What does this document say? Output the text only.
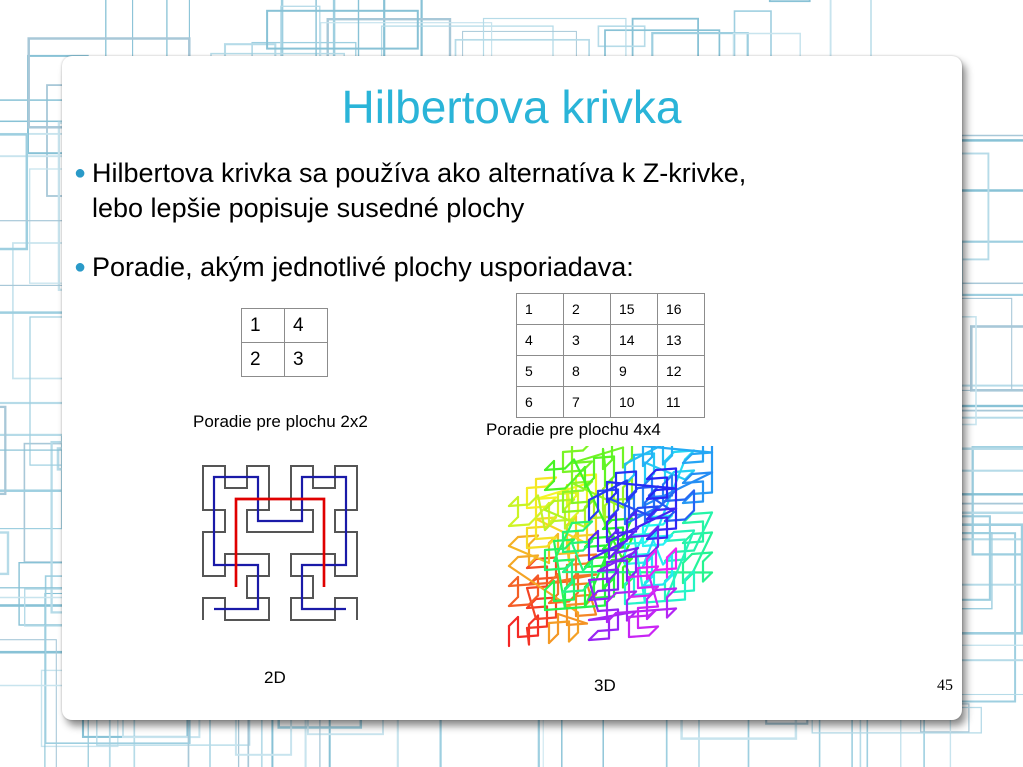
Hilbertova krivka
● Hilbertova krivka sa používa ako alternatíva k Z-krivke,
lebo lepšie popisuje susedné plochy
● Poradie, akým jednotlivé plochy usporiadava:
1	4
2	3
1	2	15	16
4	3	14	13
5	8	9	12
6	7	10	11
Poradie pre plochu 2x2	Poradie pre plochu 4x4
2D	3D	45
